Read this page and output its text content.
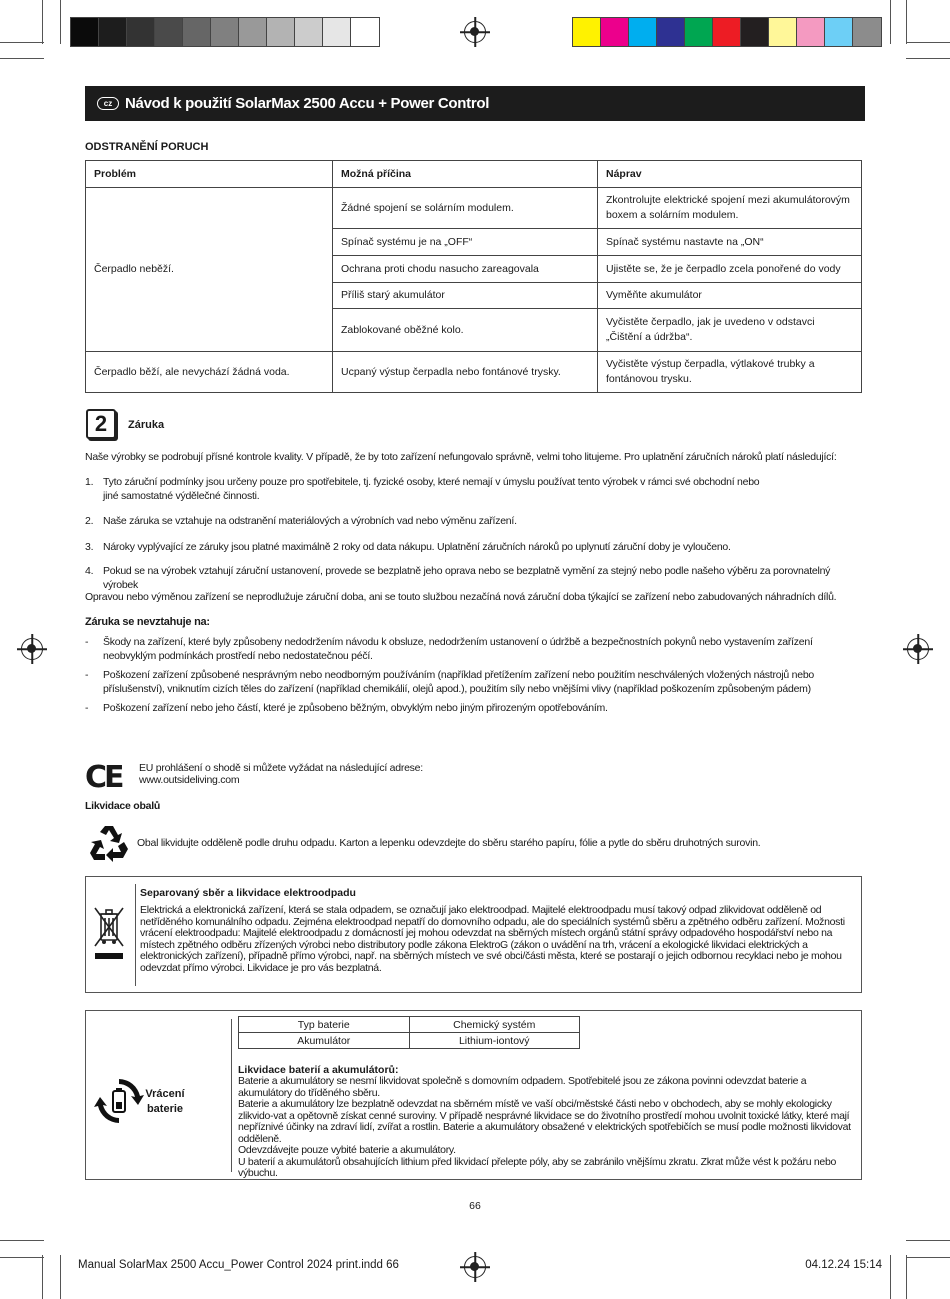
cz Návod k použití SolarMax 2500 Accu + Power Control
ODSTRANĚNÍ PORUCH
Problém	Možná příčina	Náprav
Čerpadlo neběží.	Žádné spojení se solárním modulem.	Zkontrolujte elektrické spojení mezi akumulátorovým boxem a solárním modulem.
	Spínač systému je na „OFF“	Spínač systému nastavte na „ON“
	Ochrana proti chodu nasucho zareagovala	Ujistěte se, že je čerpadlo zcela ponořené do vody
	Příliš starý akumulátor	Vyměňte akumulátor
	Zablokované oběžné kolo.	Vyčistěte čerpadlo, jak je uvedeno v odstavci „Čištění a údržba“.
Čerpadlo běží, ale nevychází žádná voda.	Ucpaný výstup čerpadla nebo fontánové trysky.	Vyčistěte výstup čerpadla, výtlakové trubky a fontánovou trysku.
2	Záruka
Naše výrobky se podrobují přísné kontrole kvality. V případě, že by toto zařízení nefungovalo správně, velmi toho litujeme. Pro uplatnění záručních nároků platí následující:
1. Tyto záruční podmínky jsou určeny pouze pro spotřebitele, tj. fyzické osoby, které nemají v úmyslu používat tento výrobek v rámci své obchodní nebo jiné samostatné výdělečné činnosti.
2. Naše záruka se vztahuje na odstranění materiálových a výrobních vad nebo výměnu zařízení.
3. Nároky vyplývající ze záruky jsou platné maximálně 2 roky od data nákupu. Uplatnění záručních nároků po uplynutí záruční doby je vyloučeno.
4. Pokud se na výrobek vztahují záruční ustanovení, provede se bezplatně jeho oprava nebo se bezplatně vymění za stejný nebo podle našeho výběru za porovnatelný výrobek
Opravou nebo výměnou zařízení se neprodlužuje záruční doba, ani se touto službou nezačíná nová záruční doba týkající se zařízení nebo zabudovaných náhradních dílů.
Záruka se nevztahuje na:
-	Škody na zařízení, které byly způsobeny nedodržením návodu k obsluze, nedodržením ustanovení o údržbě a bezpečnostních pokynů nebo vystavením zařízení neobvyklým podmínkách prostředí nebo nedostatečnou péčí.
-	Poškození zařízení způsobené nesprávným nebo neodborným používáním (například přetížením zařízení nebo použitím neschválených vložených nástrojů nebo příslušenství), vniknutím cizích těles do zařízení (například chemikálií, olejů apod.), použitím síly nebo vnějšími vlivy (například poškozením způsobeným pádem)
-	Poškození zařízení nebo jeho částí, které je způsobeno běžným, obvyklým nebo jiným přirozeným opotřebováním.
CE EU prohlášení o shodě si můžete vyžádat na následující adrese:
www.outsideliving.com
Likvidace obalů
Obal likvidujte odděleně podle druhu odpadu. Karton a lepenku odevzdejte do sběru starého papíru, fólie a pytle do sběru druhotných surovin.
Separovaný sběr a likvidace elektroodpadu
Elektrická a elektronická zařízení, která se stala odpadem, se označují jako elektroodpad. Majitelé elektroodpadu musí takový odpad zlikvidovat odděleně od netříděného komunálního odpadu. Zejména elektroodpad nepatří do domovního odpadu, ale do speciálních systémů sběru a zpětného odběru zařízení. Možnosti vrácení elektroodpadu: Majitelé elektroodpadu z domácností jej mohou odevzdat na sběrných místech orgánů státní správy odpadového hospodářství nebo na místech zpětného odběru zřízených výrobci nebo distributory podle zákona ElektroG (zákon o uvádění na trh, vrácení a ekologické likvidaci elektrických a elektronických zařízení), případně přímo výrobci, např. na sběrných místech ve své obci/části města, které se postarají o jejich odbornou recyklaci nebo je mohou odevzdat přímo výrobci. Likvidace je pro vás bezplatná.
Vrácení
baterie
Typ baterie	Chemický systém
Akumulátor	Lithium-iontový
Likvidace baterií a akumulátorů:
Baterie a akumulátory se nesmí likvidovat společně s domovním odpadem. Spotřebitelé jsou ze zákona povinni odevzdat baterie a akumulátory do tříděného sběru.
Baterie a akumulátory lze bezplatně odevzdat na sběrném místě ve vaší obci/městské části nebo v obchodech, aby se mohly ekologicky zlikvido-vat a opětovně získat cenné suroviny. V případě nesprávné likvidace se do životního prostředí mohou uvolnit toxické látky, které mají nepříznivé účinky na zdraví lidí, zvířat a rostlin. Baterie a akumulátory obsažené v elektrických spotřebičích se musí podle možnosti likvidovat odděleně.
Odevzdávejte pouze vybité baterie a akumulátory.
U baterií a akumulátorů obsahujících lithium před likvidací přelepte póly, aby se zabránilo vnějšímu zkratu. Zkrat může vést k požáru nebo výbuchu.
66
Manual SolarMax 2500 Accu_Power Control 2024 print.indd 66	04.12.24 15:14
